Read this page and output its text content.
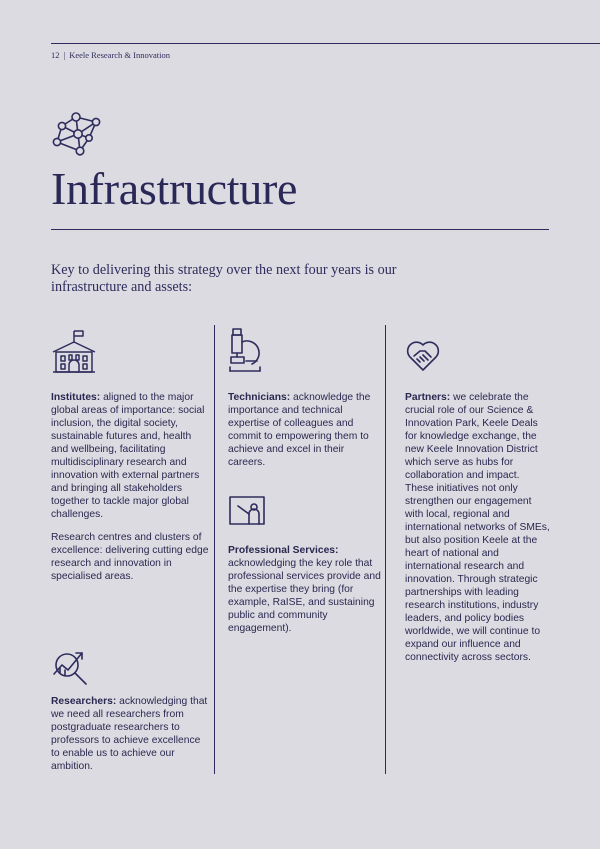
12 | Keele Research & Innovation
Infrastructure

Key to delivering this strategy over the next four years is our infrastructure and assets:

Institutes: aligned to the major global areas of importance: social inclusion, the digital society, sustainable futures and, health and wellbeing, facilitating multidisciplinary research and innovation with external partners and bringing all stakeholders together to tackle major global challenges.

Research centres and clusters of excellence: delivering cutting edge research and innovation in specialised areas.

Researchers: acknowledging that we need all researchers from postgraduate researchers to professors to achieve excellence to enable us to achieve our ambition.

Technicians: acknowledge the importance and technical expertise of colleagues and commit to empowering them to achieve and excel in their careers.

Professional Services:

acknowledging the key role that professional services provide and the expertise they bring (for example, RaISE, and sustaining public and community engagement).

Partners: we celebrate the crucial role of our Science & Innovation Park, Keele Deals for knowledge exchange, the new Keele Innovation District which serve as hubs for collaboration and impact. These initiatives not only strengthen our engagement with local, regional and international networks of SMEs, but also position Keele at the heart of national and international research and innovation. Through strategic partnerships with leading research institutions, industry leaders, and policy bodies worldwide, we will continue to expand our influence and connectivity across sectors.
